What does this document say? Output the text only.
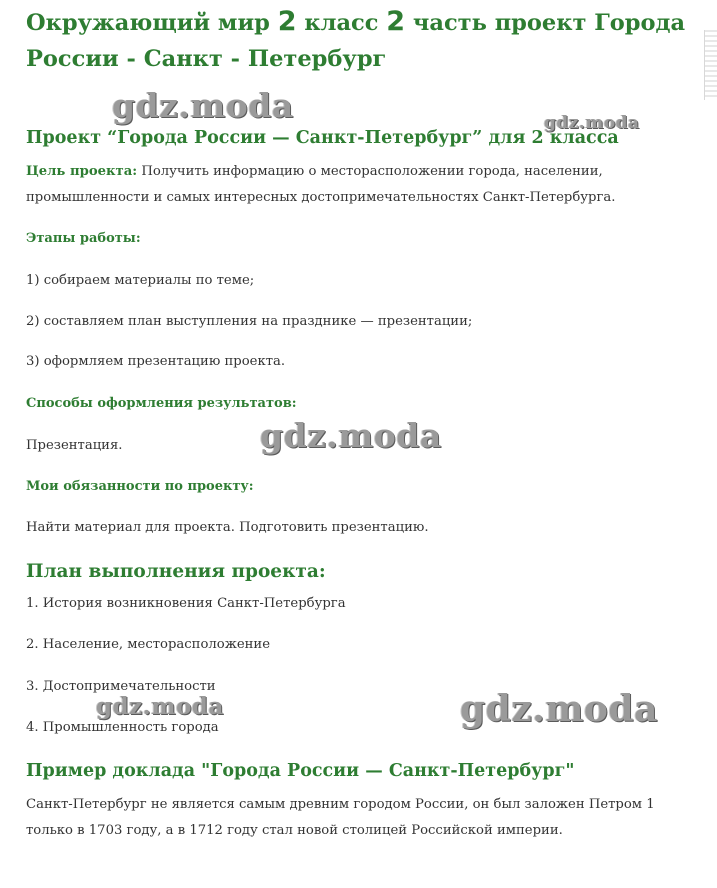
Окружающий мир 2 класс 2 часть проект Города
России - Санкт - Петербург
Проект “Города России — Санкт-Петербург” для 2 класса
Цель проекта: Получить информацию о месторасположении города, населении,
промышленности и самых интересных достопримечательностях Санкт-Петербурга.
Этапы работы:
1) собираем материалы по теме;
2) составляем план выступления на празднике — презентации;
3) оформляем презентацию проекта.
Способы оформления результатов:
Презентация.
Мои обязанности по проекту:
Найти материал для проекта. Подготовить презентацию.
План выполнения проекта:
1. История возникновения Санкт-Петербурга
2. Население, месторасположение
3. Достопримечательности
4. Промышленность города
Пример доклада "Города России — Санкт-Петербург"
Санкт-Петербург не является самым древним городом России, он был заложен Петром 1
только в 1703 году, а в 1712 году стал новой столицей Российской империи.
gdz.moda	gdz.moda
gdz.moda
gdz.moda	gdz.moda
